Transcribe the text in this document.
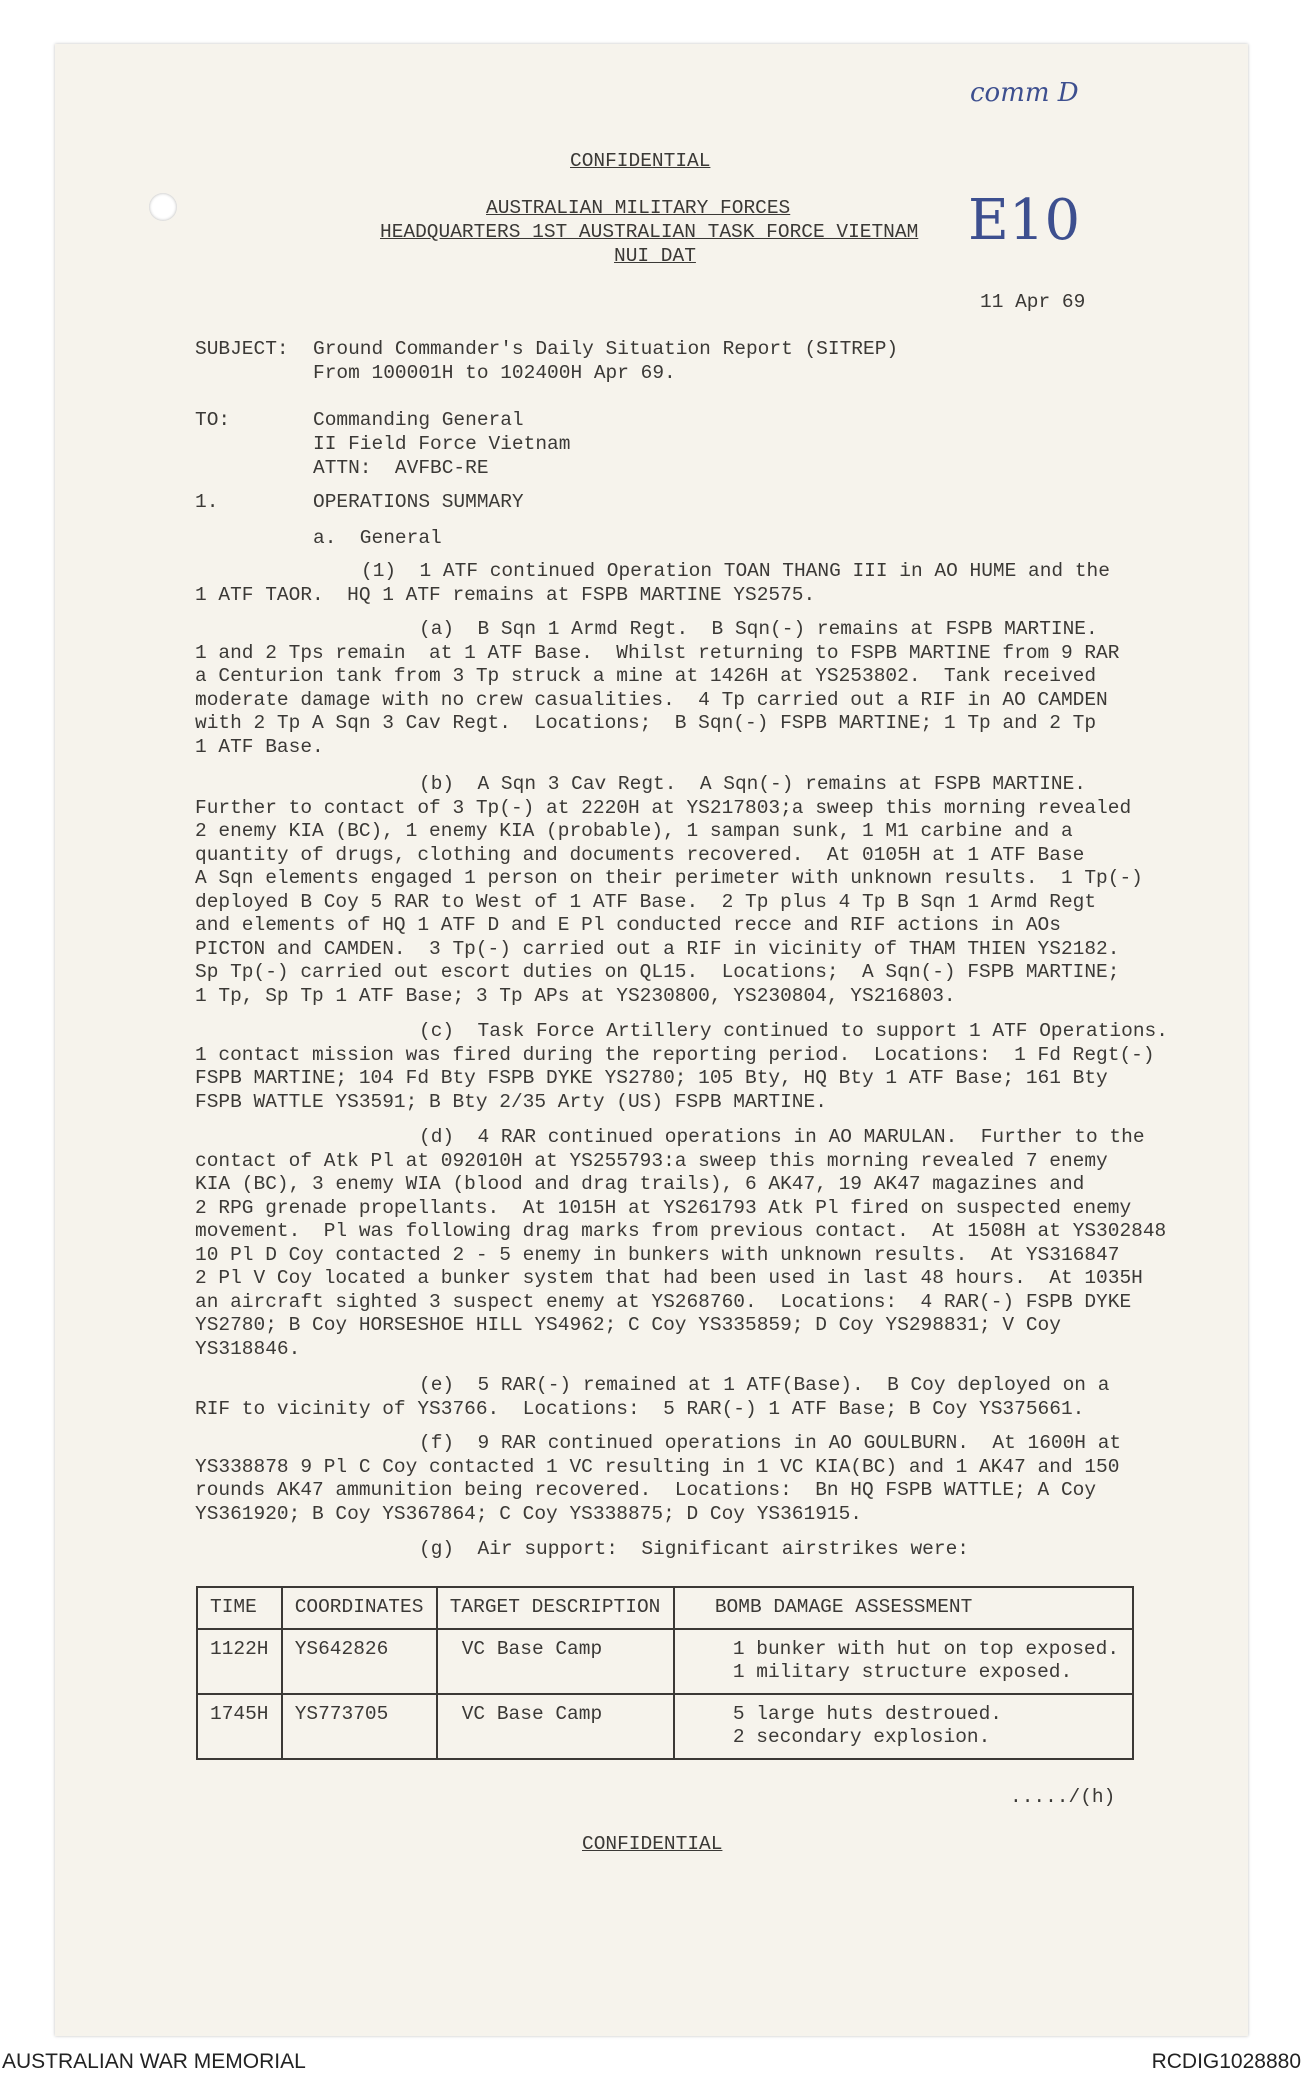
comm D
E10
CONFIDENTIAL
AUSTRALIAN MILITARY FORCES
HEADQUARTERS 1ST AUSTRALIAN TASK FORCE VIETNAM
NUI DAT
11 Apr 69
SUBJECT: Ground Commander's Daily Situation Report (SITREP)
From 100001H to 102400H Apr 69.
TO:	Commanding General
II Field Force Vietnam
ATTN:  AVFBC-RE
1.	OPERATIONS SUMMARY
a.  General
(1)  1 ATF continued Operation TOAN THANG III in AO HUME and the
1 ATF TAOR.  HQ 1 ATF remains at FSPB MARTINE YS2575.
(a)  B Sqn 1 Armd Regt.  B Sqn(-) remains at FSPB MARTINE.
1 and 2 Tps remain  at 1 ATF Base.  Whilst returning to FSPB MARTINE from 9 RAR
a Centurion tank from 3 Tp struck a mine at 1426H at YS253802.  Tank received
moderate damage with no crew casualities.  4 Tp carried out a RIF in AO CAMDEN
with 2 Tp A Sqn 3 Cav Regt.  Locations;  B Sqn(-) FSPB MARTINE; 1 Tp and 2 Tp
1 ATF Base.
(b)  A Sqn 3 Cav Regt.  A Sqn(-) remains at FSPB MARTINE.
Further to contact of 3 Tp(-) at 2220H at YS217803;a sweep this morning revealed
2 enemy KIA (BC), 1 enemy KIA (probable), 1 sampan sunk, 1 M1 carbine and a
quantity of drugs, clothing and documents recovered.  At 0105H at 1 ATF Base
A Sqn elements engaged 1 person on their perimeter with unknown results.  1 Tp(-)
deployed B Coy 5 RAR to West of 1 ATF Base.  2 Tp plus 4 Tp B Sqn 1 Armd Regt
and elements of HQ 1 ATF D and E Pl conducted recce and RIF actions in AOs
PICTON and CAMDEN.  3 Tp(-) carried out a RIF in vicinity of THAM THIEN YS2182.
Sp Tp(-) carried out escort duties on QL15.  Locations;  A Sqn(-) FSPB MARTINE;
1 Tp, Sp Tp 1 ATF Base; 3 Tp APs at YS230800, YS230804, YS216803.
(c)  Task Force Artillery continued to support 1 ATF Operations.
1 contact mission was fired during the reporting period.  Locations:  1 Fd Regt(-)
FSPB MARTINE; 104 Fd Bty FSPB DYKE YS2780; 105 Bty, HQ Bty 1 ATF Base; 161 Bty
FSPB WATTLE YS3591; B Bty 2/35 Arty (US) FSPB MARTINE.
(d)  4 RAR continued operations in AO MARULAN.  Further to the
contact of Atk Pl at 092010H at YS255793:a sweep this morning revealed 7 enemy
KIA (BC), 3 enemy WIA (blood and drag trails), 6 AK47, 19 AK47 magazines and
2 RPG grenade propellants.  At 1015H at YS261793 Atk Pl fired on suspected enemy
movement.  Pl was following drag marks from previous contact.  At 1508H at YS302848
10 Pl D Coy contacted 2 - 5 enemy in bunkers with unknown results.  At YS316847
2 Pl V Coy located a bunker system that had been used in last 48 hours.  At 1035H
an aircraft sighted 3 suspect enemy at YS268760.  Locations:  4 RAR(-) FSPB DYKE
YS2780; B Coy HORSESHOE HILL YS4962; C Coy YS335859; D Coy YS298831; V Coy
YS318846.
(e)  5 RAR(-) remained at 1 ATF(Base).  B Coy deployed on a
RIF to vicinity of YS3766.  Locations:  5 RAR(-) 1 ATF Base; B Coy YS375661.
(f)  9 RAR continued operations in AO GOULBURN.  At 1600H at
YS338878 9 Pl C Coy contacted 1 VC resulting in 1 VC KIA(BC) and 1 AK47 and 150
rounds AK47 ammunition being recovered.  Locations:  Bn HQ FSPB WATTLE; A Coy
YS361920; B Coy YS367864; C Coy YS338875; D Coy YS361915.
(g)  Air support:  Significant airstrikes were:
TIME	COORDINATES	TARGET DESCRIPTION	BOMB DAMAGE ASSESSMENT
1122H	YS642826	VC Base Camp	1 bunker with hut on top exposed.
1 military structure exposed.
1745H	YS773705	VC Base Camp	5 large huts destroued.
2 secondary explosion.
...../(h)
CONFIDENTIAL
AUSTRALIAN WAR MEMORIAL	RCDIG1028880
